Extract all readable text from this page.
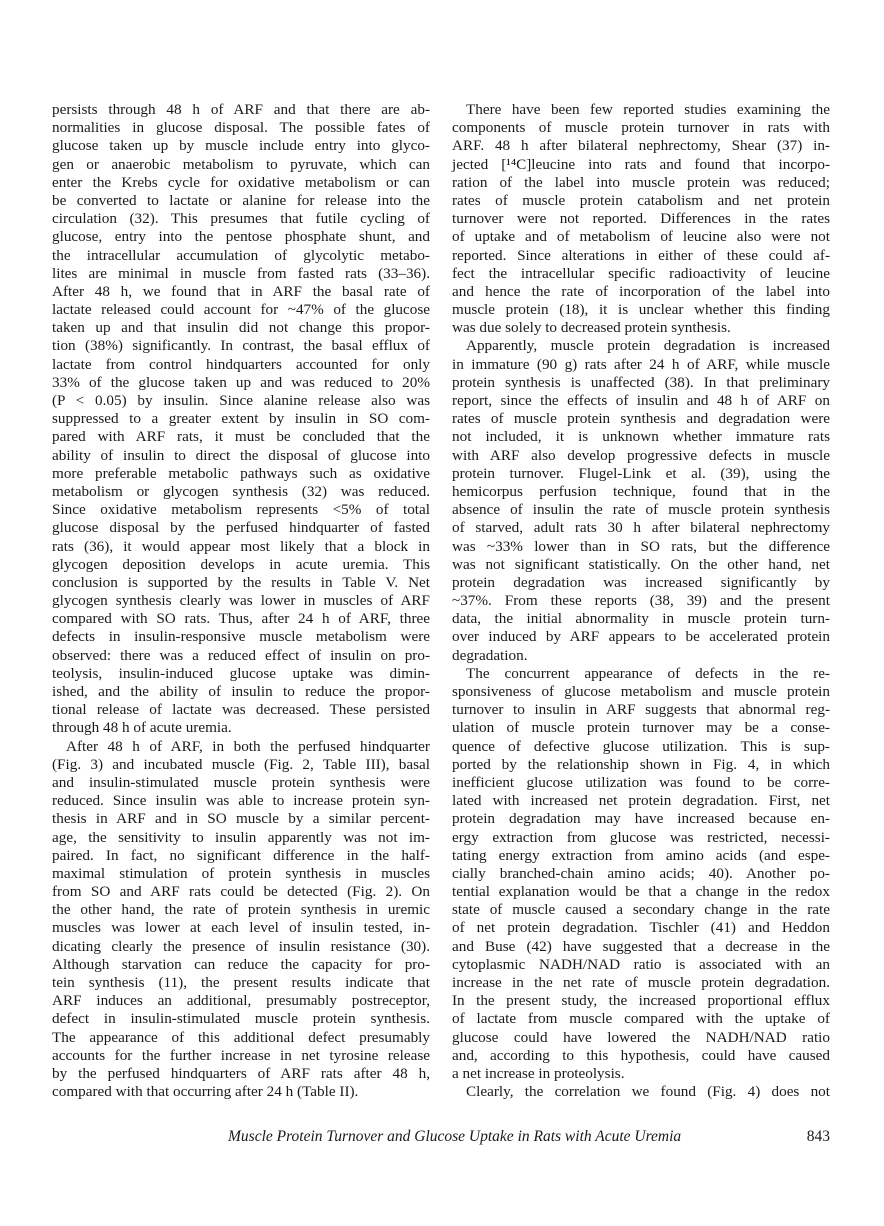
persists through 48 h of ARF and that there are ab-
normalities in glucose disposal. The possible fates of
glucose taken up by muscle include entry into glyco-
gen or anaerobic metabolism to pyruvate, which can
enter the Krebs cycle for oxidative metabolism or can
be converted to lactate or alanine for release into the
circulation (32). This presumes that futile cycling of
glucose, entry into the pentose phosphate shunt, and
the intracellular accumulation of glycolytic metabo-
lites are minimal in muscle from fasted rats (33–36).
After 48 h, we found that in ARF the basal rate of
lactate released could account for ~47% of the glucose
taken up and that insulin did not change this propor-
tion (38%) significantly. In contrast, the basal efflux of
lactate from control hindquarters accounted for only
33% of the glucose taken up and was reduced to 20%
(P < 0.05) by insulin. Since alanine release also was
suppressed to a greater extent by insulin in SO com-
pared with ARF rats, it must be concluded that the
ability of insulin to direct the disposal of glucose into
more preferable metabolic pathways such as oxidative
metabolism or glycogen synthesis (32) was reduced.
Since oxidative metabolism represents <5% of total
glucose disposal by the perfused hindquarter of fasted
rats (36), it would appear most likely that a block in
glycogen deposition develops in acute uremia. This
conclusion is supported by the results in Table V. Net
glycogen synthesis clearly was lower in muscles of ARF
compared with SO rats. Thus, after 24 h of ARF, three
defects in insulin-responsive muscle metabolism were
observed: there was a reduced effect of insulin on pro-
teolysis, insulin-induced glucose uptake was dimin-
ished, and the ability of insulin to reduce the propor-
tional release of lactate was decreased. These persisted
through 48 h of acute uremia.
After 48 h of ARF, in both the perfused hindquarter
(Fig. 3) and incubated muscle (Fig. 2, Table III), basal
and insulin-stimulated muscle protein synthesis were
reduced. Since insulin was able to increase protein syn-
thesis in ARF and in SO muscle by a similar percent-
age, the sensitivity to insulin apparently was not im-
paired. In fact, no significant difference in the half-
maximal stimulation of protein synthesis in muscles
from SO and ARF rats could be detected (Fig. 2). On
the other hand, the rate of protein synthesis in uremic
muscles was lower at each level of insulin tested, in-
dicating clearly the presence of insulin resistance (30).
Although starvation can reduce the capacity for pro-
tein synthesis (11), the present results indicate that
ARF induces an additional, presumably postreceptor,
defect in insulin-stimulated muscle protein synthesis.
The appearance of this additional defect presumably
accounts for the further increase in net tyrosine release
by the perfused hindquarters of ARF rats after 48 h,
compared with that occurring after 24 h (Table II).
There have been few reported studies examining the
components of muscle protein turnover in rats with
ARF. 48 h after bilateral nephrectomy, Shear (37) in-
jected [¹⁴C]leucine into rats and found that incorpo-
ration of the label into muscle protein was reduced;
rates of muscle protein catabolism and net protein
turnover were not reported. Differences in the rates
of uptake and of metabolism of leucine also were not
reported. Since alterations in either of these could af-
fect the intracellular specific radioactivity of leucine
and hence the rate of incorporation of the label into
muscle protein (18), it is unclear whether this finding
was due solely to decreased protein synthesis.
Apparently, muscle protein degradation is increased
in immature (90 g) rats after 24 h of ARF, while muscle
protein synthesis is unaffected (38). In that preliminary
report, since the effects of insulin and 48 h of ARF on
rates of muscle protein synthesis and degradation were
not included, it is unknown whether immature rats
with ARF also develop progressive defects in muscle
protein turnover. Flugel-Link et al. (39), using the
hemicorpus perfusion technique, found that in the
absence of insulin the rate of muscle protein synthesis
of starved, adult rats 30 h after bilateral nephrectomy
was ~33% lower than in SO rats, but the difference
was not significant statistically. On the other hand, net
protein degradation was increased significantly by
~37%. From these reports (38, 39) and the present
data, the initial abnormality in muscle protein turn-
over induced by ARF appears to be accelerated protein
degradation.
The concurrent appearance of defects in the re-
sponsiveness of glucose metabolism and muscle protein
turnover to insulin in ARF suggests that abnormal reg-
ulation of muscle protein turnover may be a conse-
quence of defective glucose utilization. This is sup-
ported by the relationship shown in Fig. 4, in which
inefficient glucose utilization was found to be corre-
lated with increased net protein degradation. First, net
protein degradation may have increased because en-
ergy extraction from glucose was restricted, necessi-
tating energy extraction from amino acids (and espe-
cially branched-chain amino acids; 40). Another po-
tential explanation would be that a change in the redox
state of muscle caused a secondary change in the rate
of net protein degradation. Tischler (41) and Heddon
and Buse (42) have suggested that a decrease in the
cytoplasmic NADH/NAD ratio is associated with an
increase in the net rate of muscle protein degradation.
In the present study, the increased proportional efflux
of lactate from muscle compared with the uptake of
glucose could have lowered the NADH/NAD ratio
and, according to this hypothesis, could have caused
a net increase in proteolysis.
Clearly, the correlation we found (Fig. 4) does not
Muscle Protein Turnover and Glucose Uptake in Rats with Acute Uremia	843
